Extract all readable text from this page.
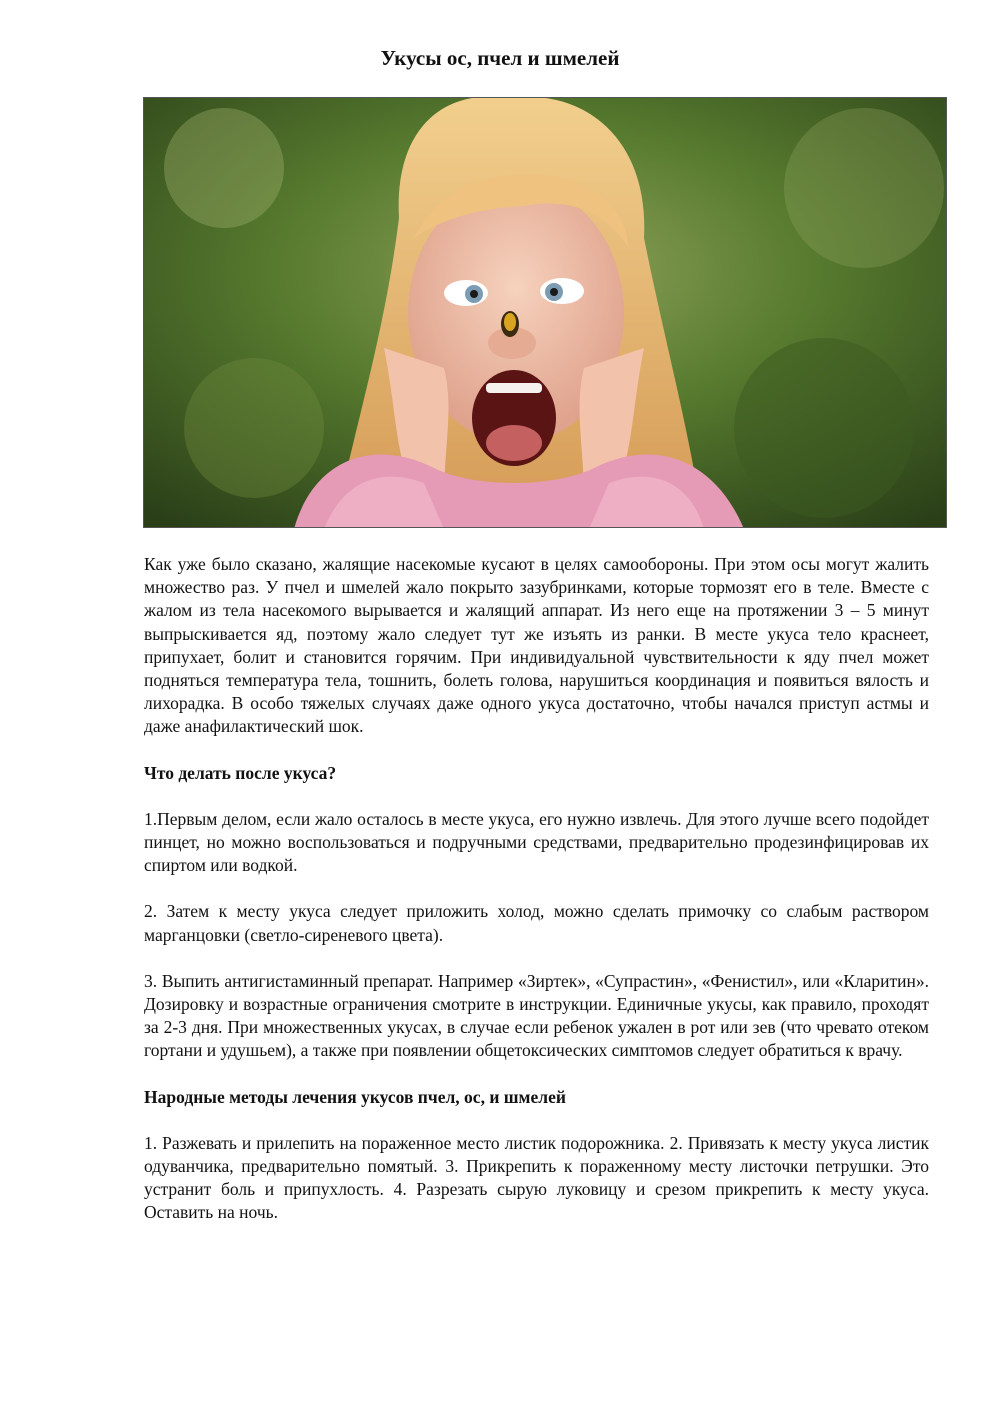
Укусы ос, пчел и шмелей

Как уже было сказано, жалящие насекомые кусают в целях самообороны. При этом осы могут жалить множество раз. У пчел и шмелей жало покрыто зазубринками, которые тормозят его в теле. Вместе с жалом из тела насекомого вырывается и жалящий аппарат. Из него еще на протяжении 3 – 5 минут выпрыскивается яд, поэтому жало следует тут же изъять из ранки. В месте укуса тело краснеет, припухает, болит и становится горячим. При индивидуальной чувствительности к яду пчел может подняться температура тела, тошнить, болеть голова, нарушиться координация и появиться вялость и лихорадка. В особо тяжелых случаях даже одного укуса достаточно, чтобы начался приступ астмы и даже анафилактический шок.

Что делать после укуса?

1.Первым делом, если жало осталось в месте укуса, его нужно извлечь. Для этого лучше всего подойдет пинцет, но можно воспользоваться и подручными средствами, предварительно продезинфицировав их спиртом или водкой.

2. Затем к месту укуса следует приложить холод, можно сделать примочку со слабым раствором марганцовки (светло-сиреневого цвета).

3. Выпить антигистаминный препарат. Например «Зиртек», «Супрастин», «Фенистил», или «Кларитин». Дозировку и возрастные ограничения смотрите в инструкции. Единичные укусы, как правило, проходят за 2-3 дня. При множественных укусах, в случае если ребенок ужален в рот или зев (что чревато отеком гортани и удушьем), а также при появлении общетоксических симптомов следует обратиться к врачу.

Народные методы лечения укусов пчел, ос, и шмелей

1. Разжевать и прилепить на пораженное место листик подорожника. 2. Привязать к месту укуса листик одуванчика, предварительно помятый. 3. Прикрепить к пораженному месту листочки петрушки. Это устранит боль и припухлость. 4. Разрезать сырую луковицу и срезом прикрепить к месту укуса. Оставить на ночь.
